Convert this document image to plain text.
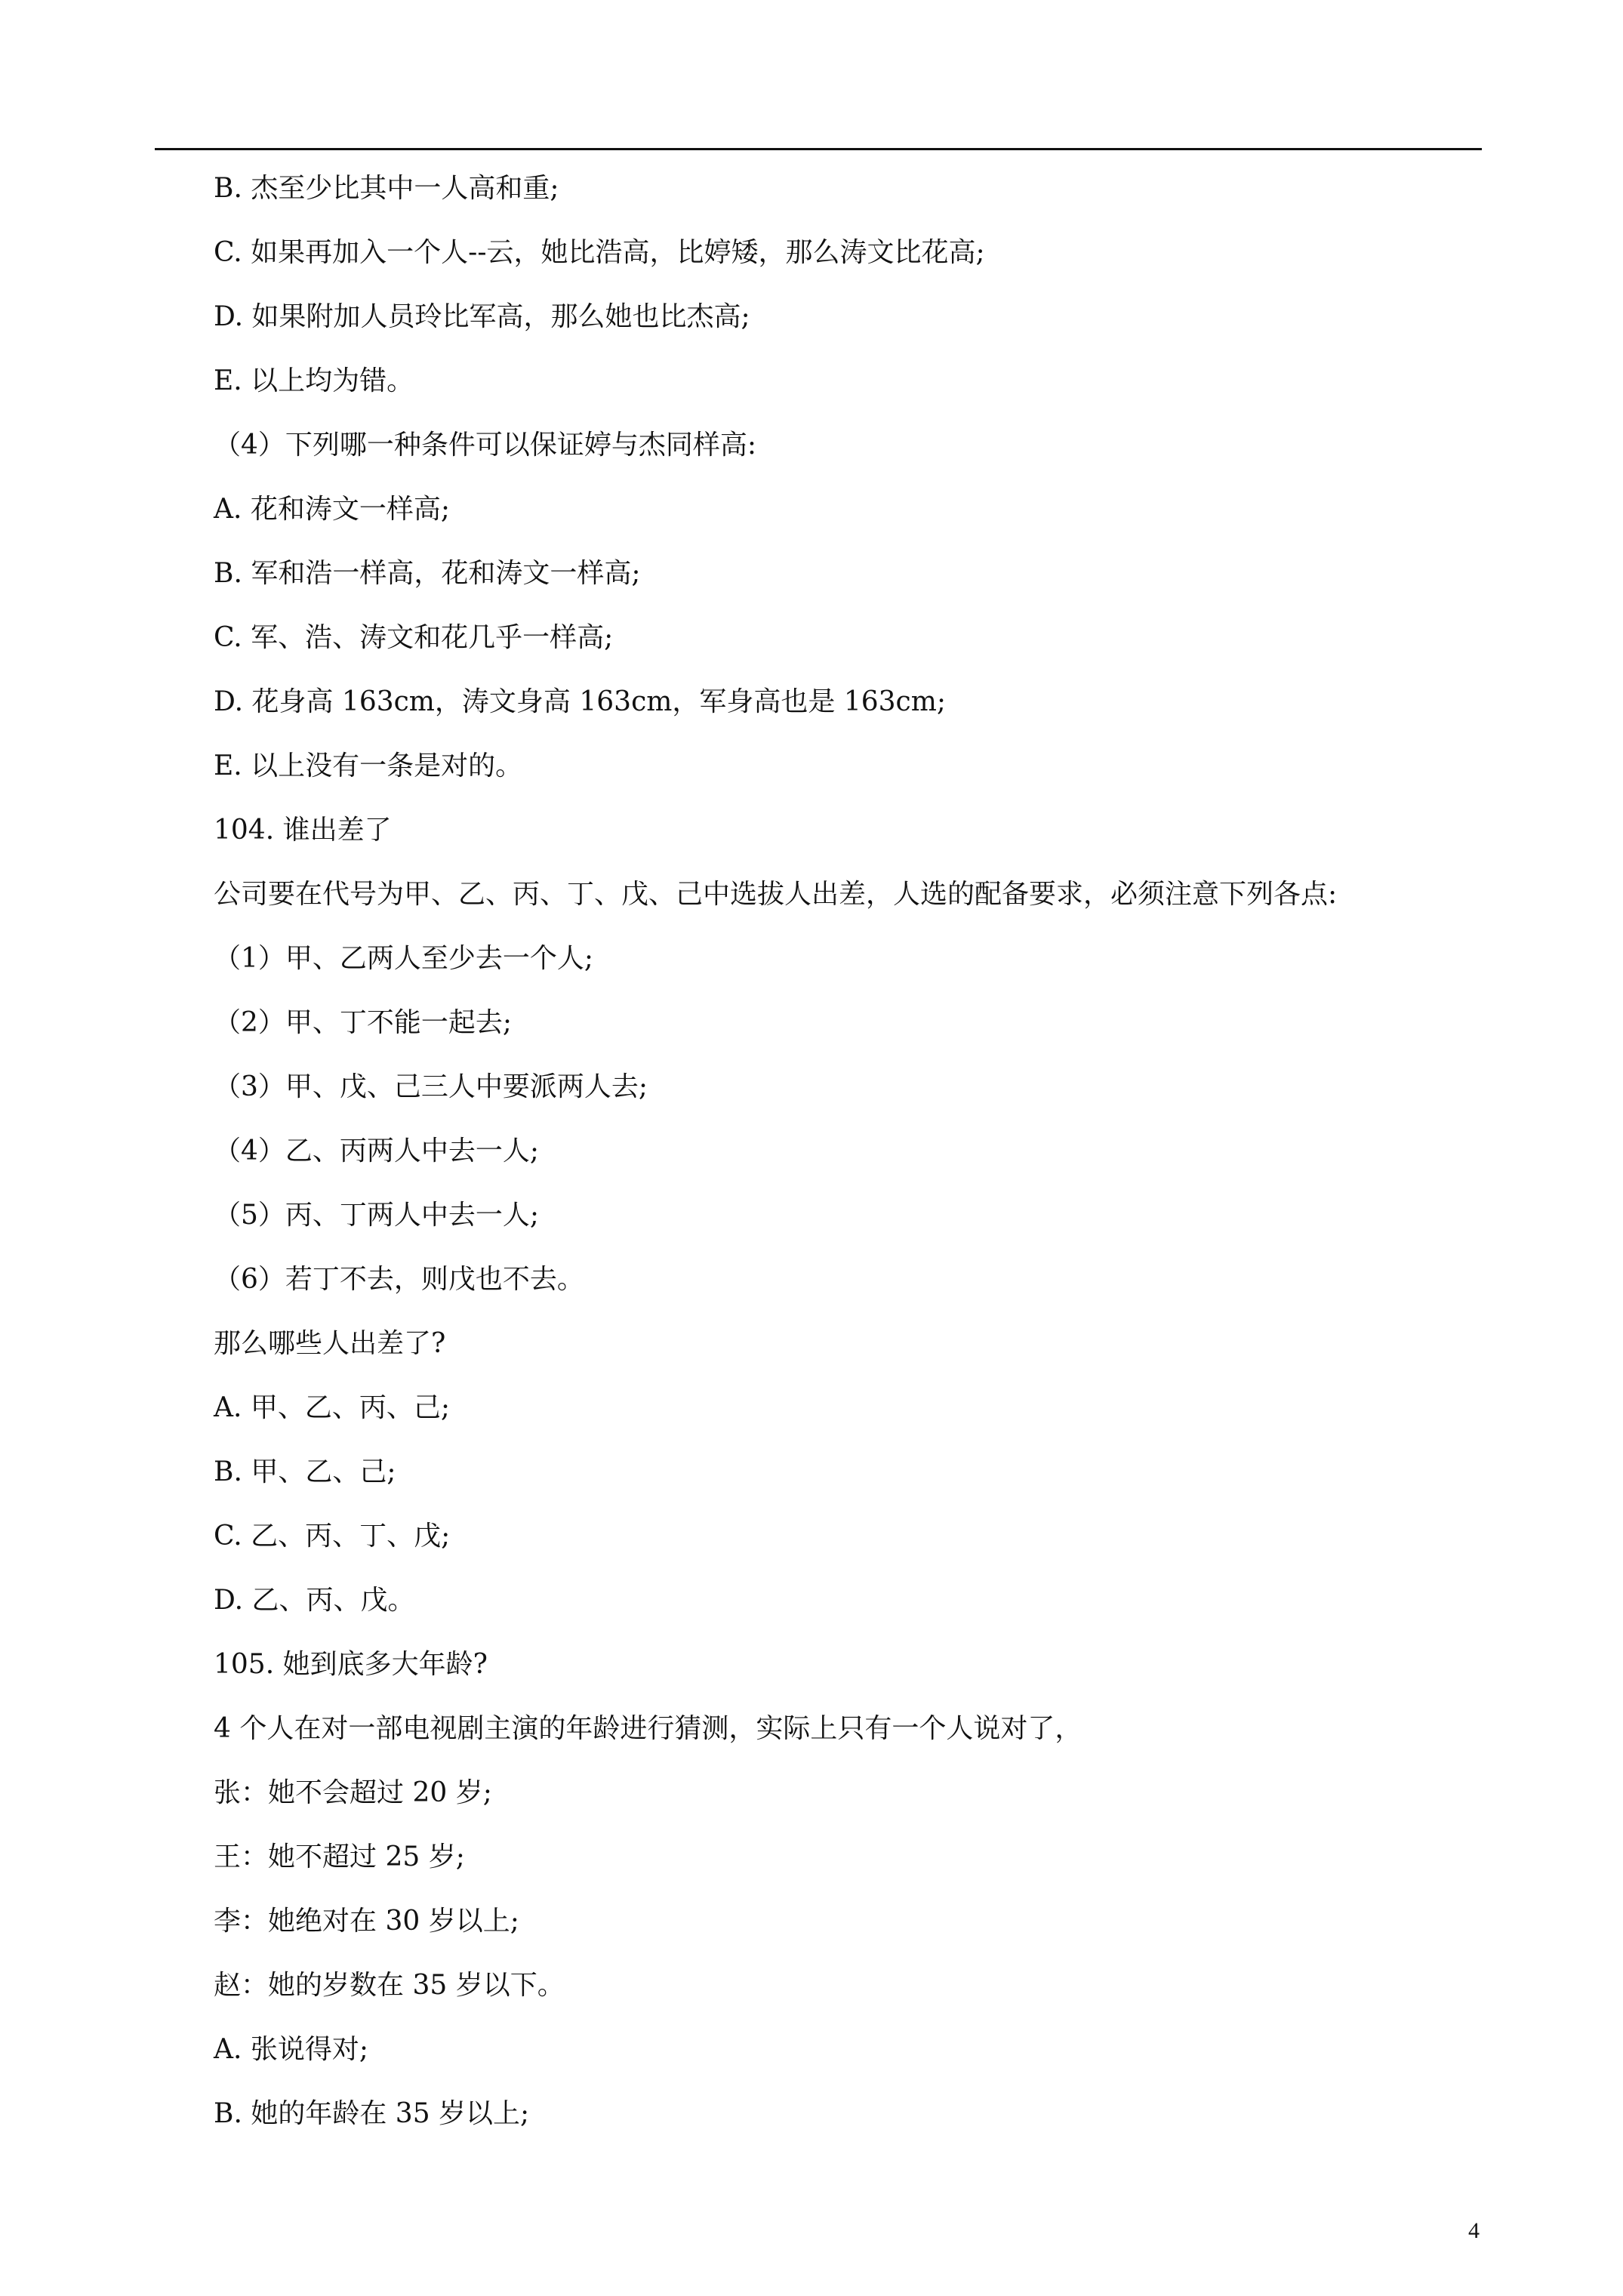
B. 杰至少比其中一人高和重;
C. 如果再加入一个人--云，她比浩高，比婷矮，那么涛文比花高;
D. 如果附加人员玲比军高，那么她也比杰高;
E. 以上均为错。
（4）下列哪一种条件可以保证婷与杰同样高:
A. 花和涛文一样高;
B. 军和浩一样高，花和涛文一样高;
C. 军、浩、涛文和花几乎一样高;
D. 花身高 163cm，涛文身高 163cm，军身高也是 163cm;
E. 以上没有一条是对的。
104. 谁出差了
公司要在代号为甲、乙、丙、丁、戊、己中选拔人出差，人选的配备要求，必须注意下列各点:
（1）甲、乙两人至少去一个人;
（2）甲、丁不能一起去;
（3）甲、戊、己三人中要派两人去;
（4）乙、丙两人中去一人;
（5）丙、丁两人中去一人;
（6）若丁不去，则戊也不去。
那么哪些人出差了?
A. 甲、乙、丙、己;
B. 甲、乙、己;
C. 乙、丙、丁、戊;
D. 乙、丙、戊。
105. 她到底多大年龄?
4 个人在对一部电视剧主演的年龄进行猜测，实际上只有一个人说对了，
张：她不会超过 20 岁;
王：她不超过 25 岁;
李：她绝对在 30 岁以上;
赵：她的岁数在 35 岁以下。
A. 张说得对;
B. 她的年龄在 35 岁以上;
4
